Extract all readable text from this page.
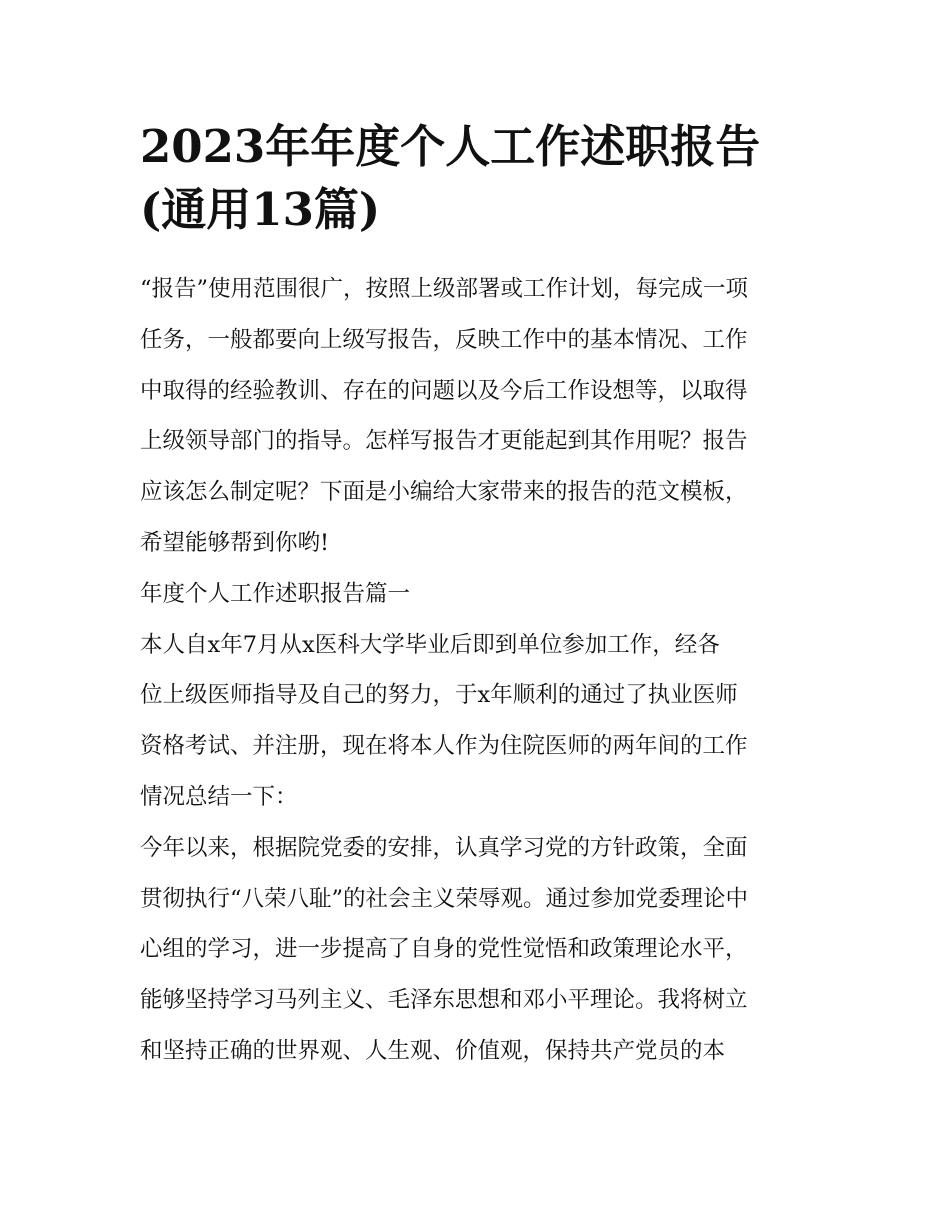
2023年年度个人工作述职报告
(通用13篇)
“报告”使用范围很广，按照上级部署或工作计划，每完成一项
任务，一般都要向上级写报告，反映工作中的基本情况、工作
中取得的经验教训、存在的问题以及今后工作设想等，以取得
上级领导部门的指导。怎样写报告才更能起到其作用呢？报告
应该怎么制定呢？下面是小编给大家带来的报告的范文模板，
希望能够帮到你哟!
年度个人工作述职报告篇一
本人自x年7月从x医科大学毕业后即到单位参加工作，经各
位上级医师指导及自己的努力，于x年顺利的通过了执业医师
资格考试、并注册，现在将本人作为住院医师的两年间的工作
情况总结一下：
今年以来，根据院党委的安排，认真学习党的方针政策，全面
贯彻执行“八荣八耻”的社会主义荣辱观。通过参加党委理论中
心组的学习，进一步提高了自身的党性觉悟和政策理论水平，
能够坚持学习马列主义、毛泽东思想和邓小平理论。我将树立
和坚持正确的世界观、人生观、价值观，保持共产党员的本
